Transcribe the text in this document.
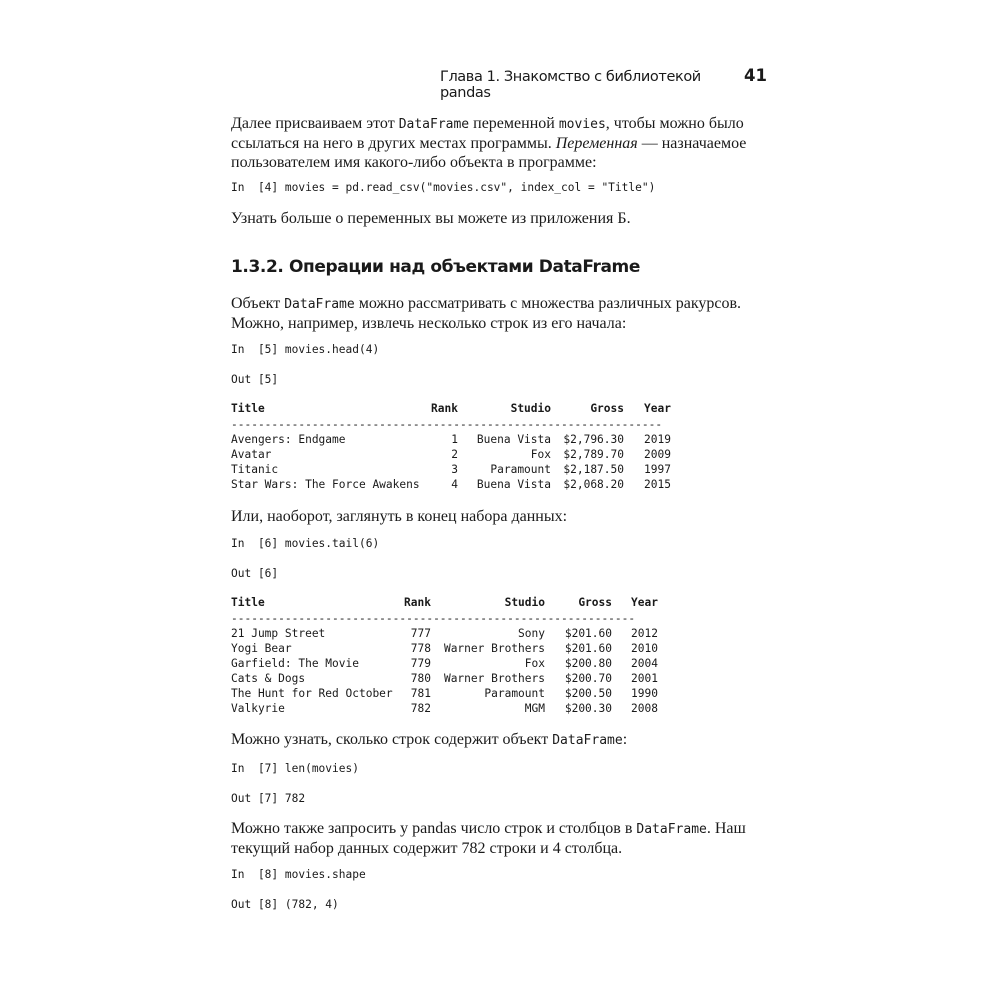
Глава 1. Знакомство с библиотекой pandas
41

Далее присваиваем этот DataFrame переменной movies, чтобы можно было ссылаться на него в других местах программы. Переменная — назначаемое пользователем имя какого-либо объекта в программе:

In  [4] movies = pd.read_csv("movies.csv", index_col = "Title")

Узнать больше о переменных вы можете из приложения Б.

1.3.2. Операции над объектами DataFrame

Объект DataFrame можно рассматривать с множества различных ракурсов. Можно, например, извлечь несколько строк из его начала:

In  [5] movies.head(4)
Out [5]
Title	Rank	Studio	Gross	Year
----------------------------------------------------------------				
Avengers: Endgame	1	Buena Vista	$2,796.30	2019
Avatar	2	Fox	$2,789.70	2009
Titanic	3	Paramount	$2,187.50	1997
Star Wars: The Force Awakens	4	Buena Vista	$2,068.20	2015

Или, наоборот, заглянуть в конец набора данных:

In  [6] movies.tail(6)
Out [6]
Title	Rank	Studio	Gross	Year
------------------------------------------------------------				
21 Jump Street	777	Sony	$201.60	2012
Yogi Bear	778	Warner Brothers	$201.60	2010
Garfield: The Movie	779	Fox	$200.80	2004
Cats & Dogs	780	Warner Brothers	$200.70	2001
The Hunt for Red October	781	Paramount	$200.50	1990
Valkyrie	782	MGM	$200.30	2008

Можно узнать, сколько строк содержит объект DataFrame:

In  [7] len(movies)
Out [7] 782

Можно также запросить у pandas число строк и столбцов в DataFrame. Наш текущий набор данных содержит 782 строки и 4 столбца.

In  [8] movies.shape
Out [8] (782, 4)
